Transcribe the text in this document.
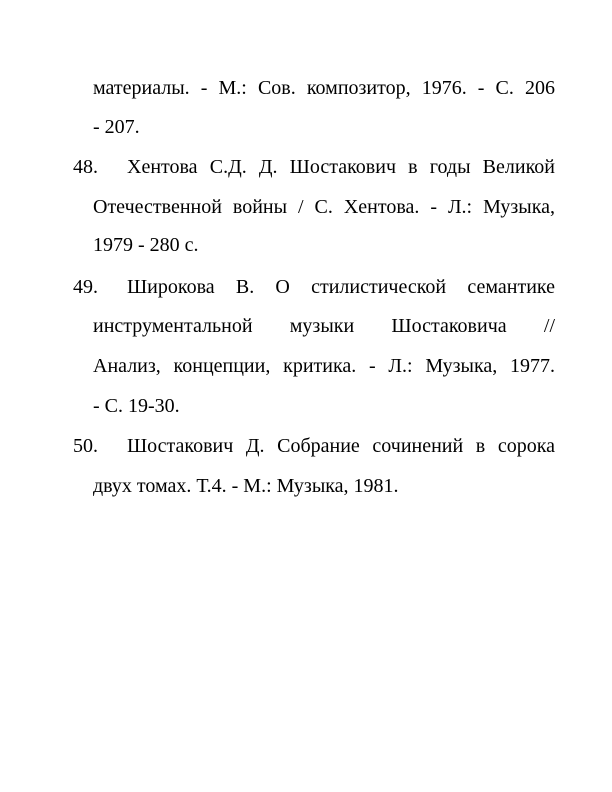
материалы. - М.: Сов. композитор, 1976. - С. 206
- 207.
48. Хентова С.Д. Д. Шостакович в годы Великой
Отечественной войны / С. Хентова. - Л.: Музыка,
1979 - 280 с.
49. Широкова В. О стилистической семантике
инструментальной музыки Шостаковича //
Анализ, концепции, критика. - Л.: Музыка, 1977.
- С. 19-30.
50. Шостакович Д. Собрание сочинений в сорока
двух томах. Т.4. - М.: Музыка, 1981.
